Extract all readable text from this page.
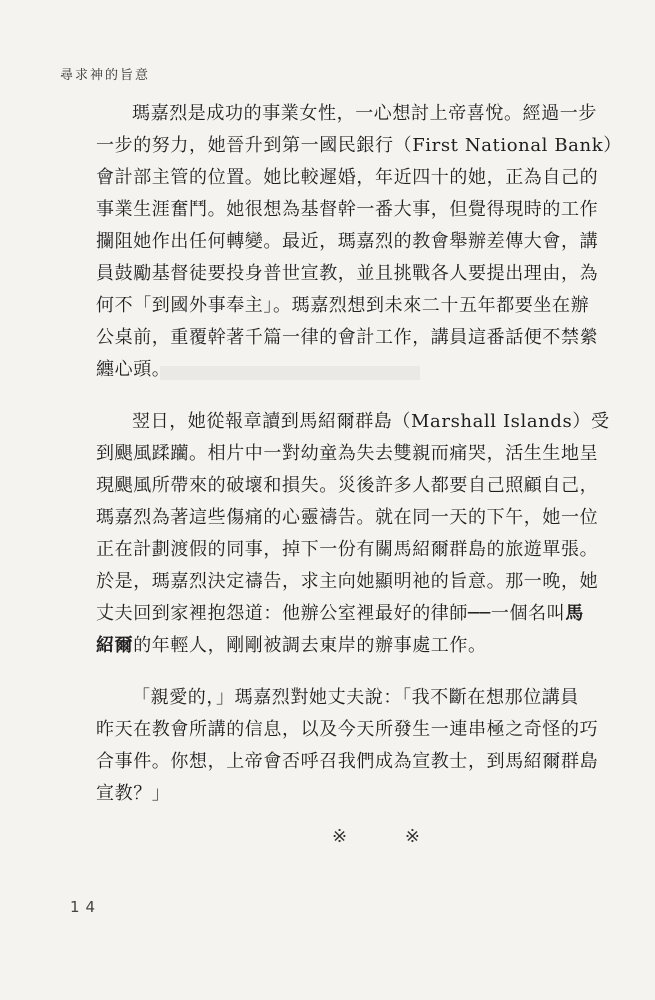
尋求神的旨意
瑪嘉烈是成功的事業女性，一心想討上帝喜悅。經過一步
一步的努力，她晉升到第一國民銀行（First National Bank）
會計部主管的位置。她比較遲婚，年近四十的她，正為自己的
事業生涯奮鬥。她很想為基督幹一番大事，但覺得現時的工作
攔阻她作出任何轉變。最近，瑪嘉烈的教會舉辦差傳大會，講
員鼓勵基督徒要投身普世宣教，並且挑戰各人要提出理由，為
何不「到國外事奉主」。瑪嘉烈想到未來二十五年都要坐在辦
公桌前，重覆幹著千篇一律的會計工作，講員這番話便不禁縈
纏心頭。
翌日，她從報章讀到馬紹爾群島（Marshall Islands）受
到颶風蹂躪。相片中一對幼童為失去雙親而痛哭，活生生地呈
現颶風所帶來的破壞和損失。災後許多人都要自己照顧自己，
瑪嘉烈為著這些傷痛的心靈禱告。就在同一天的下午，她一位
正在計劃渡假的同事，掉下一份有關馬紹爾群島的旅遊單張。
於是，瑪嘉烈決定禱告，求主向她顯明祂的旨意。那一晚，她
丈夫回到家裡抱怨道：他辦公室裡最好的律師──一個名叫馬
紹爾的年輕人，剛剛被調去東岸的辦事處工作。
「親愛的，」瑪嘉烈對她丈夫說：「我不斷在想那位講員
昨天在教會所講的信息，以及今天所發生一連串極之奇怪的巧
合事件。你想，上帝會否呼召我們成為宣教士，到馬紹爾群島
宣教？」
※	※
14
